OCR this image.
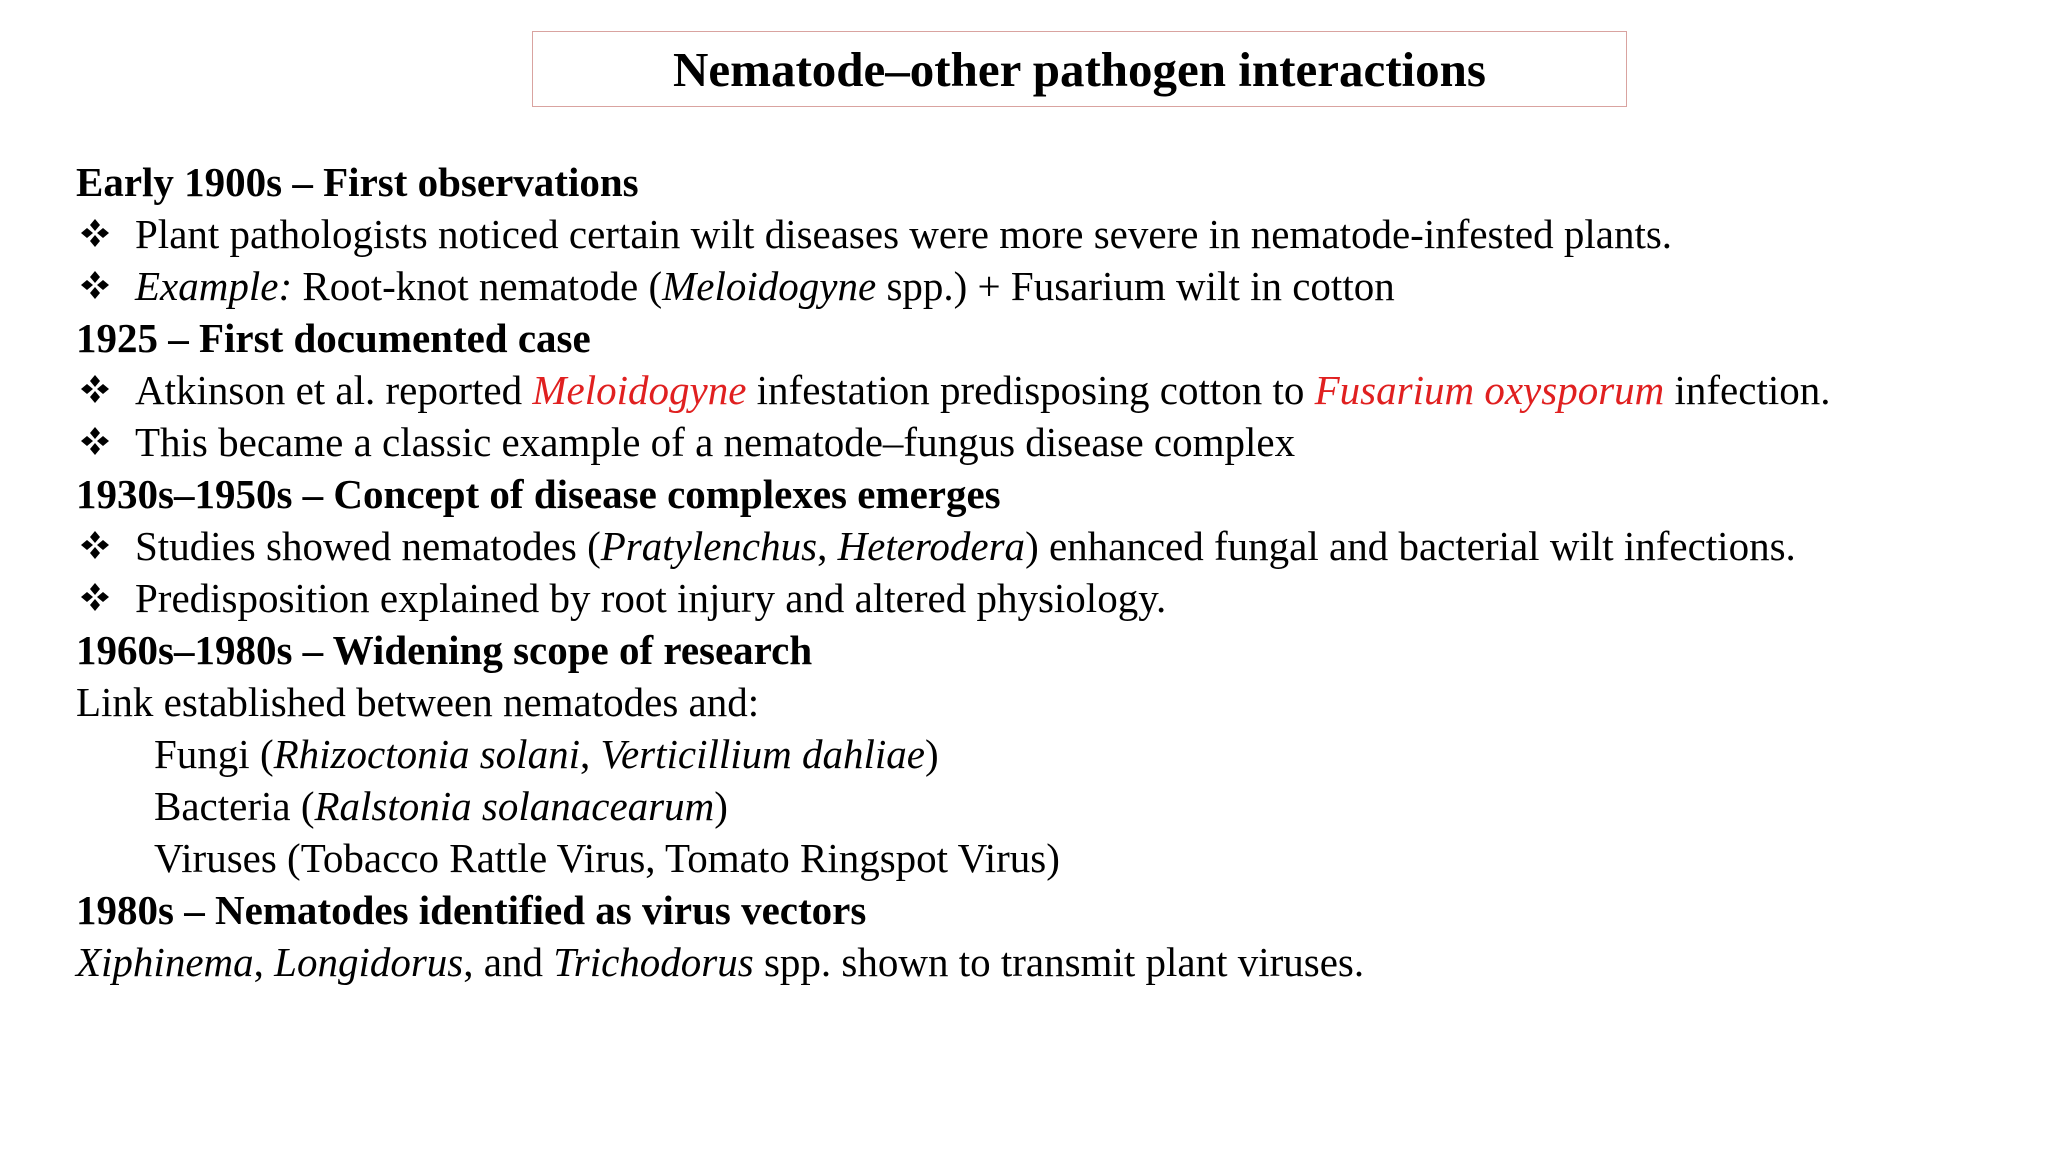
Nematode–other pathogen interactions
Early 1900s – First observations
Plant pathologists noticed certain wilt diseases were more severe in nematode-infested plants.
Example: Root-knot nematode (Meloidogyne spp.) + Fusarium wilt in cotton
1925 – First documented case
Atkinson et al. reported Meloidogyne infestation predisposing cotton to Fusarium oxysporum infection.
This became a classic example of a nematode–fungus disease complex
1930s–1950s – Concept of disease complexes emerges
Studies showed nematodes (Pratylenchus, Heterodera) enhanced fungal and bacterial wilt infections.
Predisposition explained by root injury and altered physiology.
1960s–1980s – Widening scope of research
Link established between nematodes and:
Fungi (Rhizoctonia solani, Verticillium dahliae)
Bacteria (Ralstonia solanacearum)
Viruses (Tobacco Rattle Virus, Tomato Ringspot Virus)
1980s – Nematodes identified as virus vectors
Xiphinema, Longidorus, and Trichodorus spp. shown to transmit plant viruses.
